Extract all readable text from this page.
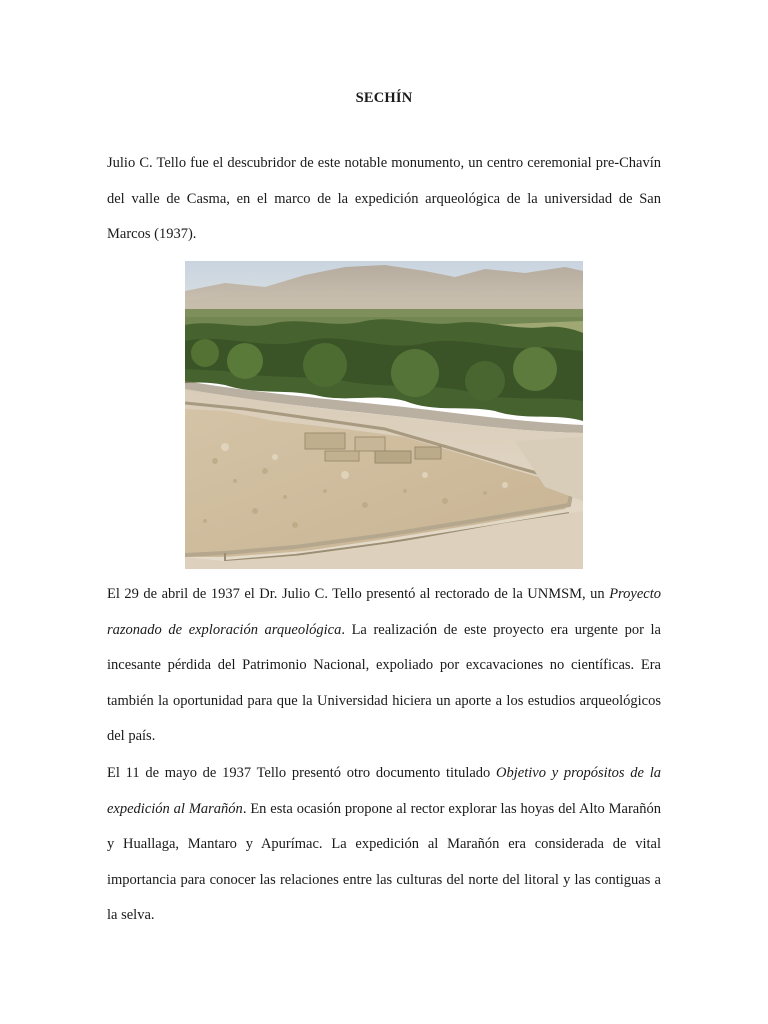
SECHÍN

Julio C. Tello fue el descubridor de este notable monumento, un centro ceremonial pre-Chavín del valle de Casma, en el marco de la expedición arqueológica de la universidad de San Marcos (1937).

El 29 de abril de 1937 el Dr. Julio C. Tello presentó al rectorado de la UNMSM, un Proyecto razonado de exploración arqueológica. La realización de este proyecto era urgente por la incesante pérdida del Patrimonio Nacional, expoliado por excavaciones no científicas. Era también la oportunidad para que la Universidad hiciera un aporte a los estudios arqueológicos del país.

El 11 de mayo de 1937 Tello presentó otro documento titulado Objetivo y propósitos de la expedición al Marañón. En esta ocasión propone al rector explorar las hoyas del Alto Marañón y Huallaga, Mantaro y Apurímac. La expedición al Marañón era considerada de vital importancia para conocer las relaciones entre las culturas del norte del litoral y las contiguas a la selva.
